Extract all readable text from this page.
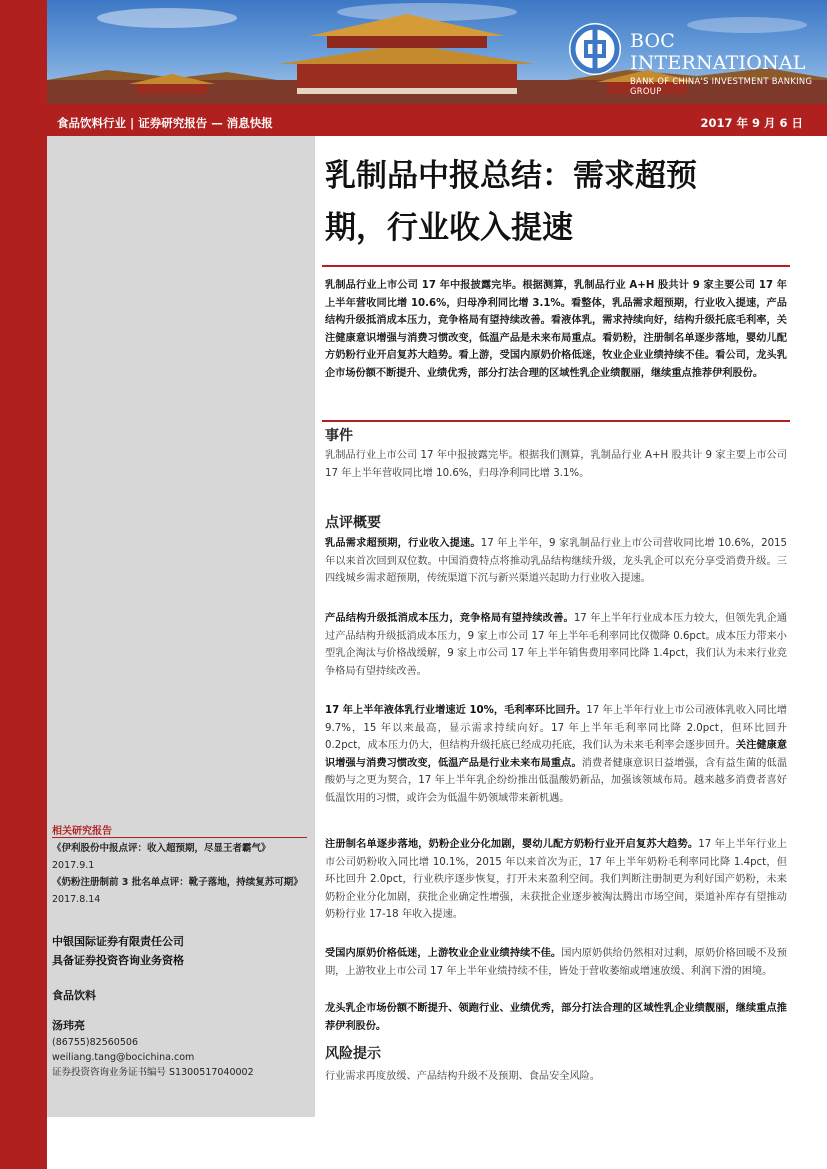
BOC INTERNATIONAL
BANK OF CHINA'S INVESTMENT BANKING GROUP
食品饮料行业 | 证券研究报告 — 消息快报	2017 年 9 月 6 日
乳制品中报总结：需求超预
期，行业收入提速
乳制品行业上市公司 17 年中报披露完毕。根据测算，乳制品行业 A+H 股共计 9 家主要公司 17 年上半年营收同比增 10.6%，归母净利同比增 3.1%。看整体，乳品需求超预期，行业收入提速，产品结构升级抵消成本压力，竞争格局有望持续改善。看液体乳，需求持续向好，结构升级托底毛利率，关注健康意识增强与消费习惯改变，低温产品是未来布局重点。看奶粉，注册制名单逐步落地，婴幼儿配方奶粉行业开启复苏大趋势。看上游，受国内原奶价格低迷，牧业企业业绩持续不佳。看公司，龙头乳企市场份额不断提升、业绩优秀，部分打法合理的区域性乳企业绩靓丽，继续重点推荐伊利股份。
事件
乳制品行业上市公司 17 年中报披露完毕。根据我们测算，乳制品行业 A+H 股共计 9 家主要上市公司 17 年上半年营收同比增 10.6%，归母净利同比增 3.1%。
点评概要
乳品需求超预期，行业收入提速。17 年上半年，9 家乳制品行业上市公司营收同比增 10.6%，2015 年以来首次回到双位数。中国消费特点将推动乳品结构继续升级，龙头乳企可以充分享受消费升级。三四线城乡需求超预期，传统渠道下沉与新兴渠道兴起助力行业收入提速。
产品结构升级抵消成本压力，竞争格局有望持续改善。17 年上半年行业成本压力较大，但领先乳企通过产品结构升级抵消成本压力，9 家上市公司 17 年上半年毛利率同比仅微降 0.6pct。成本压力带来小型乳企淘汰与价格战缓解，9 家上市公司 17 年上半年销售费用率同比降 1.4pct，我们认为未来行业竞争格局有望持续改善。
17 年上半年液体乳行业增速近 10%，毛利率环比回升。17 年上半年行业上市公司液体乳收入同比增 9.7%，15 年以来最高，显示需求持续向好。17 年上半年毛利率同比降 2.0pct，但环比回升 0.2pct，成本压力仍大，但结构升级托底已经成功托底，我们认为未来毛利率会逐步回升。关注健康意识增强与消费习惯改变，低温产品是行业未来布局重点。消费者健康意识日益增强，含有益生菌的低温酸奶与之更为契合，17 年上半年乳企纷纷推出低温酸奶新品，加强该领域布局。越来越多消费者喜好低温饮用的习惯，或许会为低温牛奶领域带来新机遇。
注册制名单逐步落地，奶粉企业分化加剧，婴幼儿配方奶粉行业开启复苏大趋势。17 年上半年行业上市公司奶粉收入同比增 10.1%，2015 年以来首次为正，17 年上半年奶粉毛利率同比降 1.4pct，但环比回升 2.0pct，行业秩序逐步恢复，打开未来盈利空间。我们判断注册制更为利好国产奶粉，未来奶粉企业分化加剧，获批企业确定性增强，未获批企业逐步被淘汰腾出市场空间，渠道补库存有望推动奶粉行业 17-18 年收入提速。
受国内原奶价格低迷，上游牧业企业业绩持续不佳。国内原奶供给仍然相对过剩，原奶价格回暖不及预期，上游牧业上市公司 17 年上半年业绩持续不佳，皆处于营收萎缩或增速放缓、利润下滑的困境。
龙头乳企市场份额不断提升、领跑行业、业绩优秀，部分打法合理的区域性乳企业绩靓丽，继续重点推荐伊利股份。
风险提示
行业需求再度放缓、产品结构升级不及预期、食品安全风险。
相关研究报告
《伊利股份中报点评：收入超预期，尽显王者霸气》 2017.9.1
《奶粉注册制前 3 批名单点评：靴子落地，持续复苏可期》 2017.8.14
中银国际证券有限责任公司
具备证券投资咨询业务资格
食品饮料
汤玮亮
(86755)82560506
weiliang.tang@bocichina.com
证券投资咨询业务证书编号 S1300517040002
